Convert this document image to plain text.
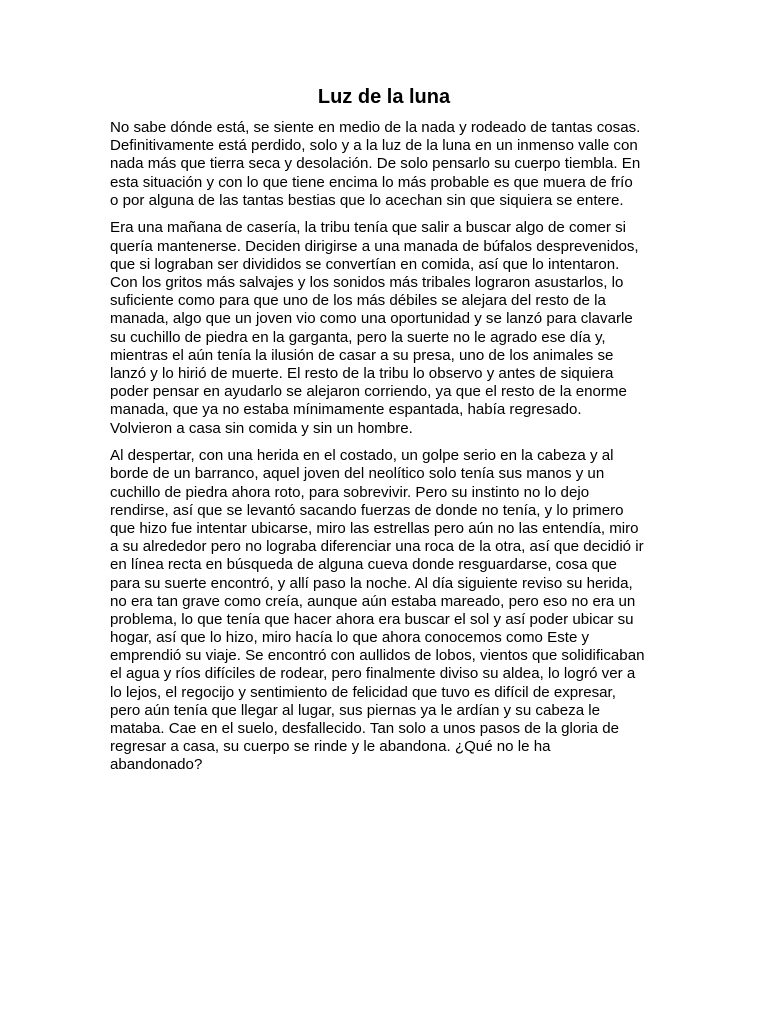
Luz de la luna

No sabe dónde está, se siente en medio de la nada y rodeado de tantas cosas.
Definitivamente está perdido, solo y a la luz de la luna en un inmenso valle con
nada más que tierra seca y desolación. De solo pensarlo su cuerpo tiembla. En
esta situación y con lo que tiene encima lo más probable es que muera de frío
o por alguna de las tantas bestias que lo acechan sin que siquiera se entere.

Era una mañana de casería, la tribu tenía que salir a buscar algo de comer si
quería mantenerse. Deciden dirigirse a una manada de búfalos desprevenidos,
que si lograban ser divididos se convertían en comida, así que lo intentaron.
Con los gritos más salvajes y los sonidos más tribales lograron asustarlos, lo
suficiente como para que uno de los más débiles se alejara del resto de la
manada, algo que un joven vio como una oportunidad y se lanzó para clavarle
su cuchillo de piedra en la garganta, pero la suerte no le agrado ese día y,
mientras el aún tenía la ilusión de casar a su presa, uno de los animales se
lanzó y lo hirió de muerte. El resto de la tribu lo observo y antes de siquiera
poder pensar en ayudarlo se alejaron corriendo, ya que el resto de la enorme
manada, que ya no estaba mínimamente espantada, había regresado.
Volvieron a casa sin comida y sin un hombre.

Al despertar, con una herida en el costado, un golpe serio en la cabeza y al
borde de un barranco, aquel joven del neolítico solo tenía sus manos y un
cuchillo de piedra ahora roto, para sobrevivir. Pero su instinto no lo dejo
rendirse, así que se levantó sacando fuerzas de donde no tenía, y lo primero
que hizo fue intentar ubicarse, miro las estrellas pero aún no las entendía, miro
a su alrededor pero no lograba diferenciar una roca de la otra, así que decidió ir
en línea recta en búsqueda de alguna cueva donde resguardarse, cosa que
para su suerte encontró, y allí paso la noche. Al día siguiente reviso su herida,
no era tan grave como creía, aunque aún estaba mareado, pero eso no era un
problema, lo que tenía que hacer ahora era buscar el sol y así poder ubicar su
hogar, así que lo hizo, miro hacía lo que ahora conocemos como Este y
emprendió su viaje. Se encontró con aullidos de lobos, vientos que solidificaban
el agua y ríos difíciles de rodear, pero finalmente diviso su aldea, lo logró ver a
lo lejos, el regocijo y sentimiento de felicidad que tuvo es difícil de expresar,
pero aún tenía que llegar al lugar, sus piernas ya le ardían y su cabeza le
mataba. Cae en el suelo, desfallecido. Tan solo a unos pasos de la gloria de
regresar a casa, su cuerpo se rinde y le abandona. ¿Qué no le ha
abandonado?
